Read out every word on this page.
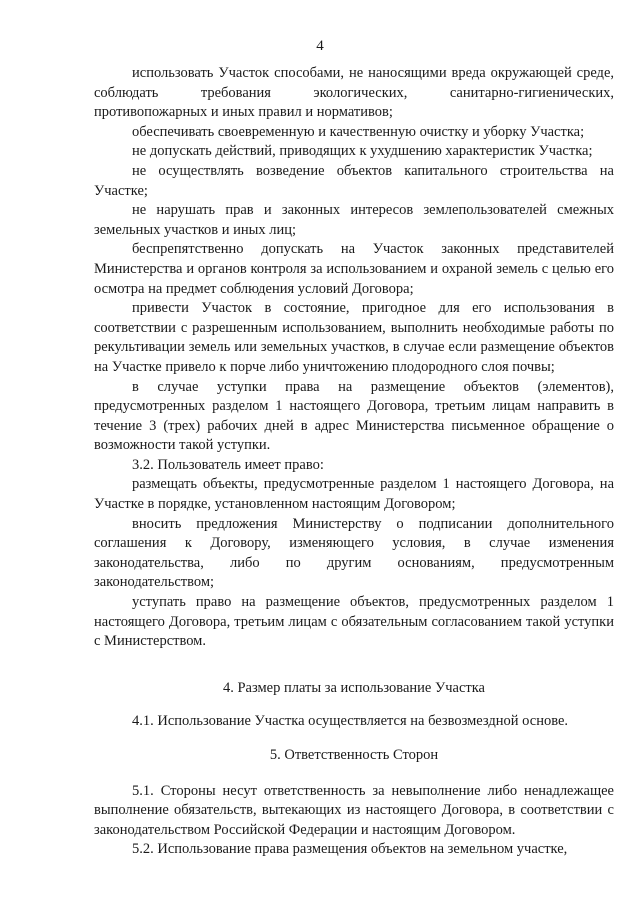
4

использовать Участок способами, не наносящими вреда окружающей среде, соблюдать требования экологических, санитарно-гигиенических, противопожарных и иных правил и нормативов;

обеспечивать своевременную и качественную очистку и уборку Участка;

не допускать действий, приводящих к ухудшению характеристик Участка;

не осуществлять возведение объектов капитального строительства на Участке;

не нарушать прав и законных интересов землепользователей смежных земельных участков и иных лиц;

беспрепятственно допускать на Участок законных представителей Министерства и органов контроля за использованием и охраной земель с целью его осмотра на предмет соблюдения условий Договора;

привести Участок в состояние, пригодное для его использования в соответствии с разрешенным использованием, выполнить необходимые работы по рекультивации земель или земельных участков, в случае если размещение объектов на Участке привело к порче либо уничтожению плодородного слоя почвы;

в случае уступки права на размещение объектов (элементов), предусмотренных разделом 1 настоящего Договора, третьим лицам направить в течение 3 (трех) рабочих дней в адрес Министерства письменное обращение о возможности такой уступки.

3.2. Пользователь имеет право:

размещать объекты, предусмотренные разделом 1 настоящего Договора, на Участке в порядке, установленном настоящим Договором;

вносить предложения Министерству о подписании дополнительного соглашения к Договору, изменяющего условия, в случае изменения законодательства, либо по другим основаниям, предусмотренным законодательством;

уступать право на размещение объектов, предусмотренных разделом 1 настоящего Договора, третьим лицам с обязательным согласованием такой уступки с Министерством.

4. Размер платы за использование Участка

4.1. Использование Участка осуществляется на безвозмездной основе.

5. Ответственность Сторон

5.1. Стороны несут ответственность за невыполнение либо ненадлежащее выполнение обязательств, вытекающих из настоящего Договора, в соответствии с законодательством Российской Федерации и настоящим Договором.

5.2. Использование права размещения объектов на земельном участке,
